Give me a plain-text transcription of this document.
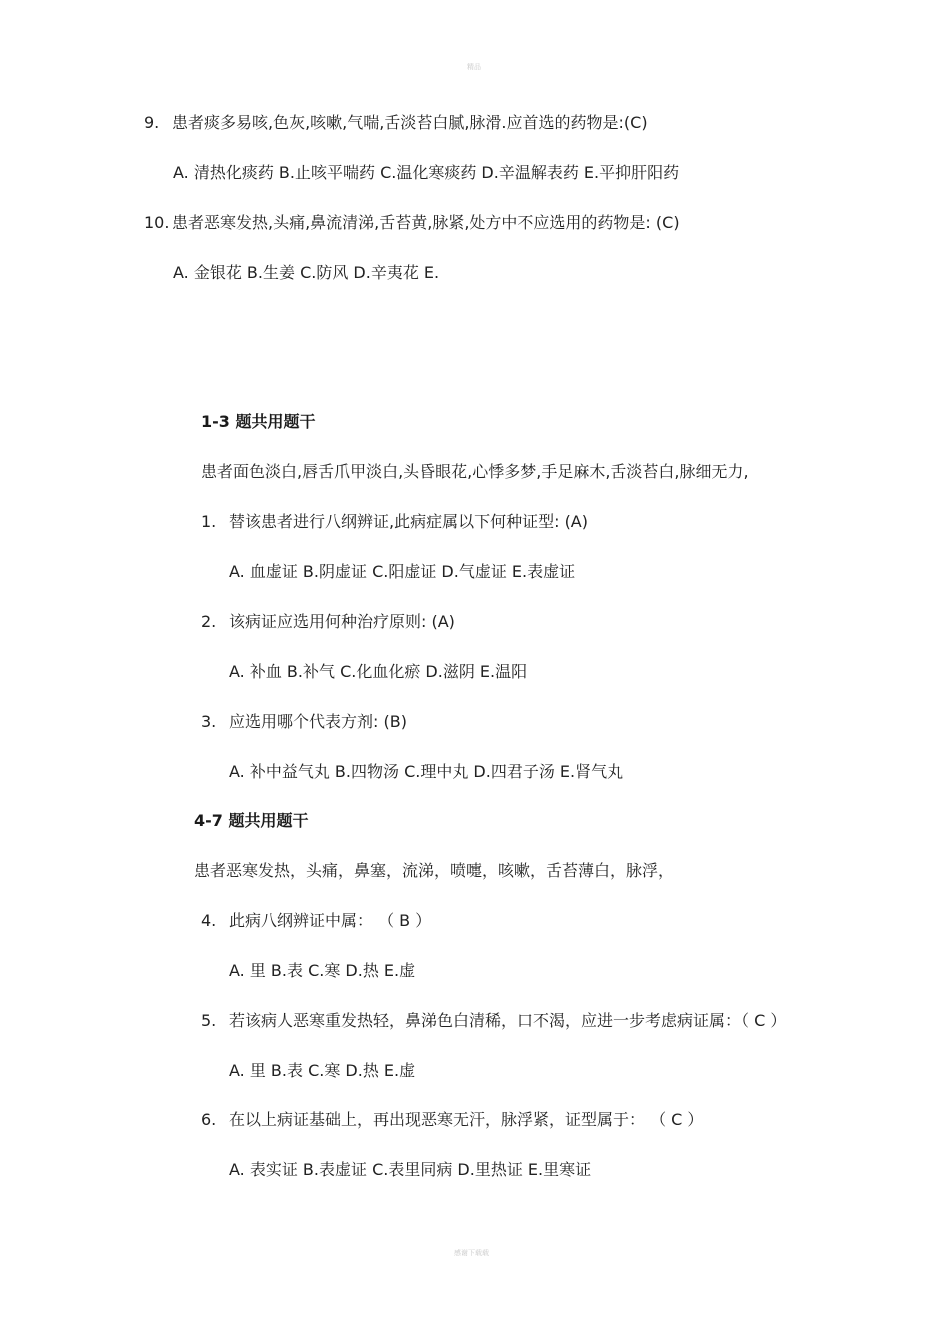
精品
9. 患者痰多易咳,色灰,咳嗽,气喘,舌淡苔白腻,脉滑.应首选的药物是:(C)
A. 清热化痰药 B.止咳平喘药 C.温化寒痰药 D.辛温解表药 E.平抑肝阳药
10. 患者恶寒发热,头痛,鼻流清涕,舌苔黄,脉紧,处方中不应选用的药物是: (C)
A. 金银花 B.生姜 C.防风 D.辛夷花 E.
1-3 题共用题干
患者面色淡白,唇舌爪甲淡白,头昏眼花,心悸多梦,手足麻木,舌淡苔白,脉细无力,
1. 替该患者进行八纲辨证,此病症属以下何种证型: (A)
A. 血虚证 B.阴虚证 C.阳虚证 D.气虚证 E.表虚证
2. 该病证应选用何种治疗原则: (A)
A. 补血 B.补气 C.化血化瘀 D.滋阴 E.温阳
3. 应选用哪个代表方剂: (B)
A. 补中益气丸 B.四物汤 C.理中丸 D.四君子汤 E.肾气丸
4-7 题共用题干
患者恶寒发热，头痛，鼻塞，流涕，喷嚏，咳嗽，舌苔薄白，脉浮，
4. 此病八纲辨证中属： （ B ）
A. 里 B.表 C.寒 D.热 E.虚
5. 若该病人恶寒重发热轻，鼻涕色白清稀，口不渴，应进一步考虑病证属：（ C ）
A. 里 B.表 C.寒 D.热 E.虚
6. 在以上病证基础上，再出现恶寒无汗，脉浮紧，证型属于： （ C ）
A. 表实证 B.表虚证 C.表里同病 D.里热证 E.里寒证
感谢下载载
